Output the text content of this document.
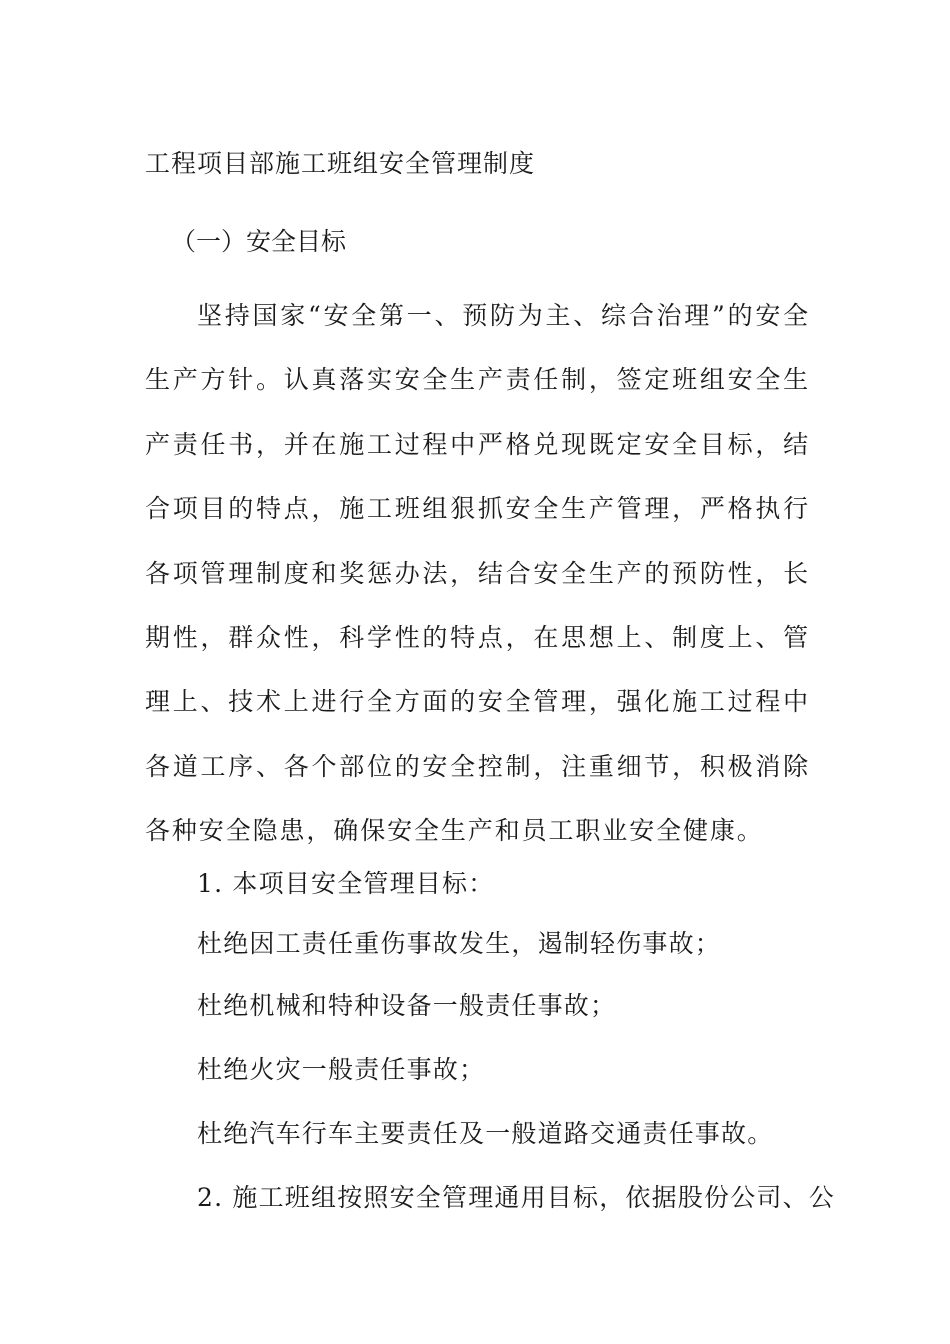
工程项目部施工班组安全管理制度
（一）安全目标

坚持国家“安全第一、预防为主、综合治理”的安全生产方针。认真落实安全生产责任制，签定班组安全生产责任书，并在施工过程中严格兑现既定安全目标，结合项目的特点，施工班组狠抓安全生产管理，严格执行各项管理制度和奖惩办法，结合安全生产的预防性，长期性，群众性，科学性的特点，在思想上、制度上、管理上、技术上进行全方面的安全管理，强化施工过程中各道工序、各个部位的安全控制，注重细节，积极消除各种安全隐患，确保安全生产和员工职业安全健康。

1. 本项目安全管理目标：
杜绝因工责任重伤事故发生，遏制轻伤事故；
杜绝机械和特种设备一般责任事故；
杜绝火灾一般责任事故；
杜绝汽车行车主要责任及一般道路交通责任事故。
2. 施工班组按照安全管理通用目标，依据股份公司、公
